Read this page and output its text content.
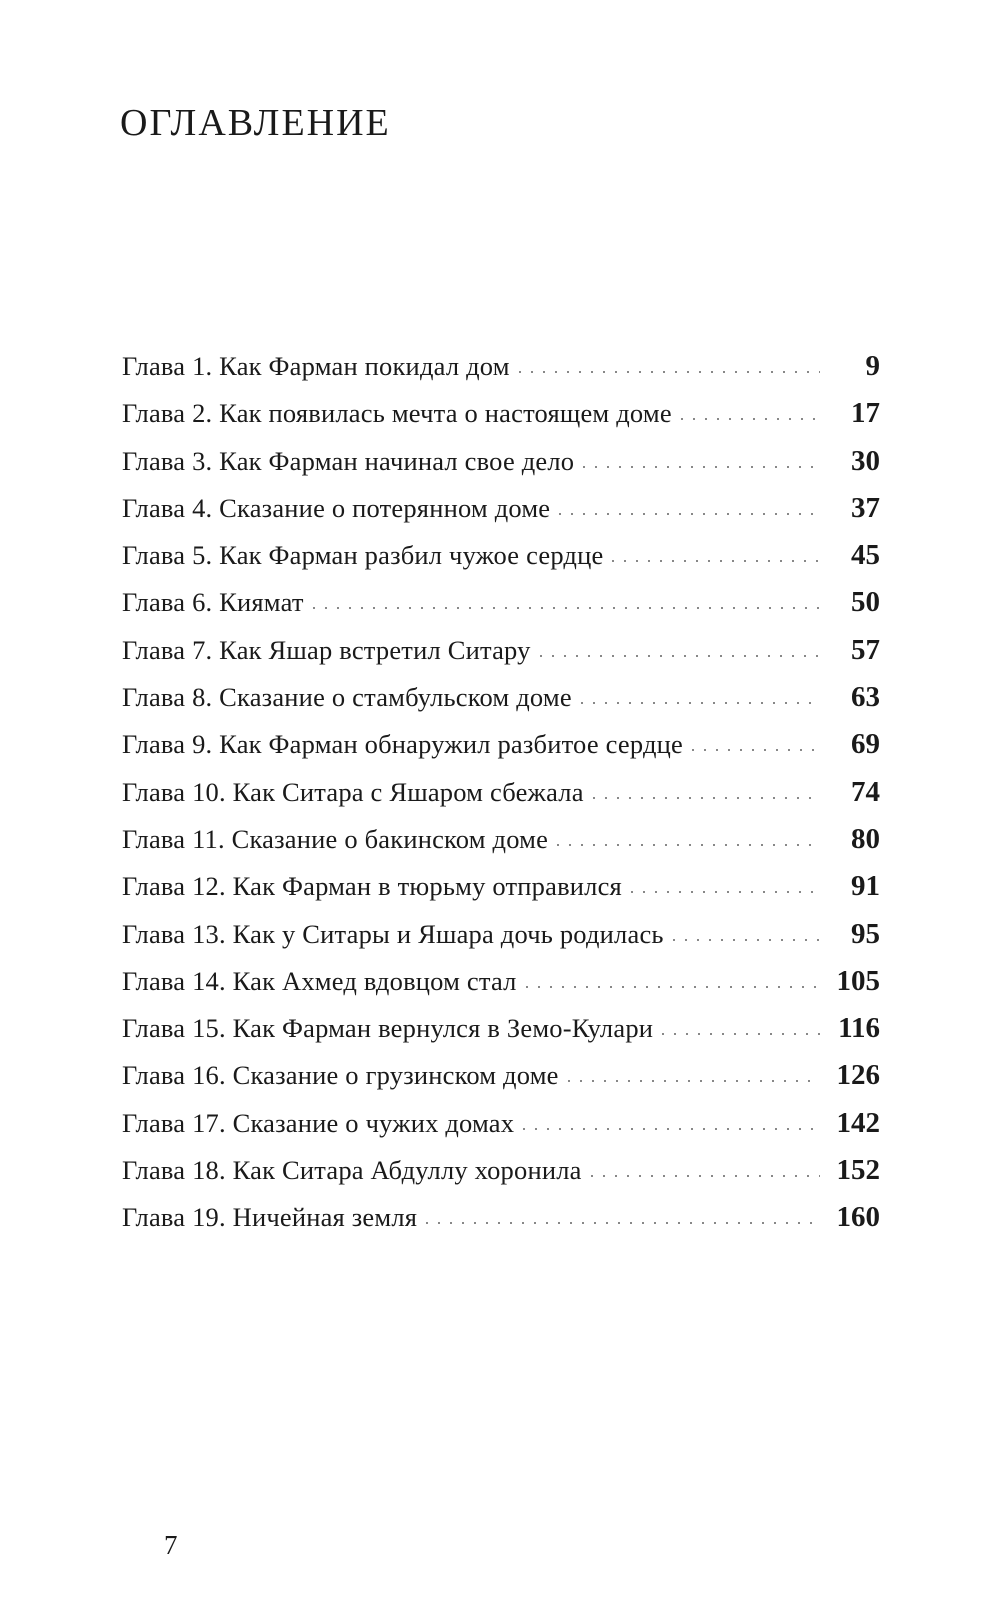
ОГЛАВЛЕНИЕ
Глава 1. Как Фарман покидал дом	9
Глава 2. Как появилась мечта о настоящем доме	17
Глава 3. Как Фарман начинал свое дело	30
Глава 4. Сказание о потерянном доме	37
Глава 5. Как Фарман разбил чужое сердце	45
Глава 6. Киямат	50
Глава 7. Как Яшар встретил Ситару	57
Глава 8. Сказание о стамбульском доме	63
Глава 9. Как Фарман обнаружил разбитое сердце	69
Глава 10. Как Ситара с Яшаром сбежала	74
Глава 11. Сказание о бакинском доме	80
Глава 12. Как Фарман в тюрьму отправился	91
Глава 13. Как у Ситары и Яшара дочь родилась	95
Глава 14. Как Ахмед вдовцом стал	105
Глава 15. Как Фарман вернулся в Земо-Кулари	116
Глава 16. Сказание о грузинском доме	126
Глава 17. Сказание о чужих домах	142
Глава 18. Как Ситара Абдуллу хоронила	152
Глава 19. Ничейная земля	160
7
